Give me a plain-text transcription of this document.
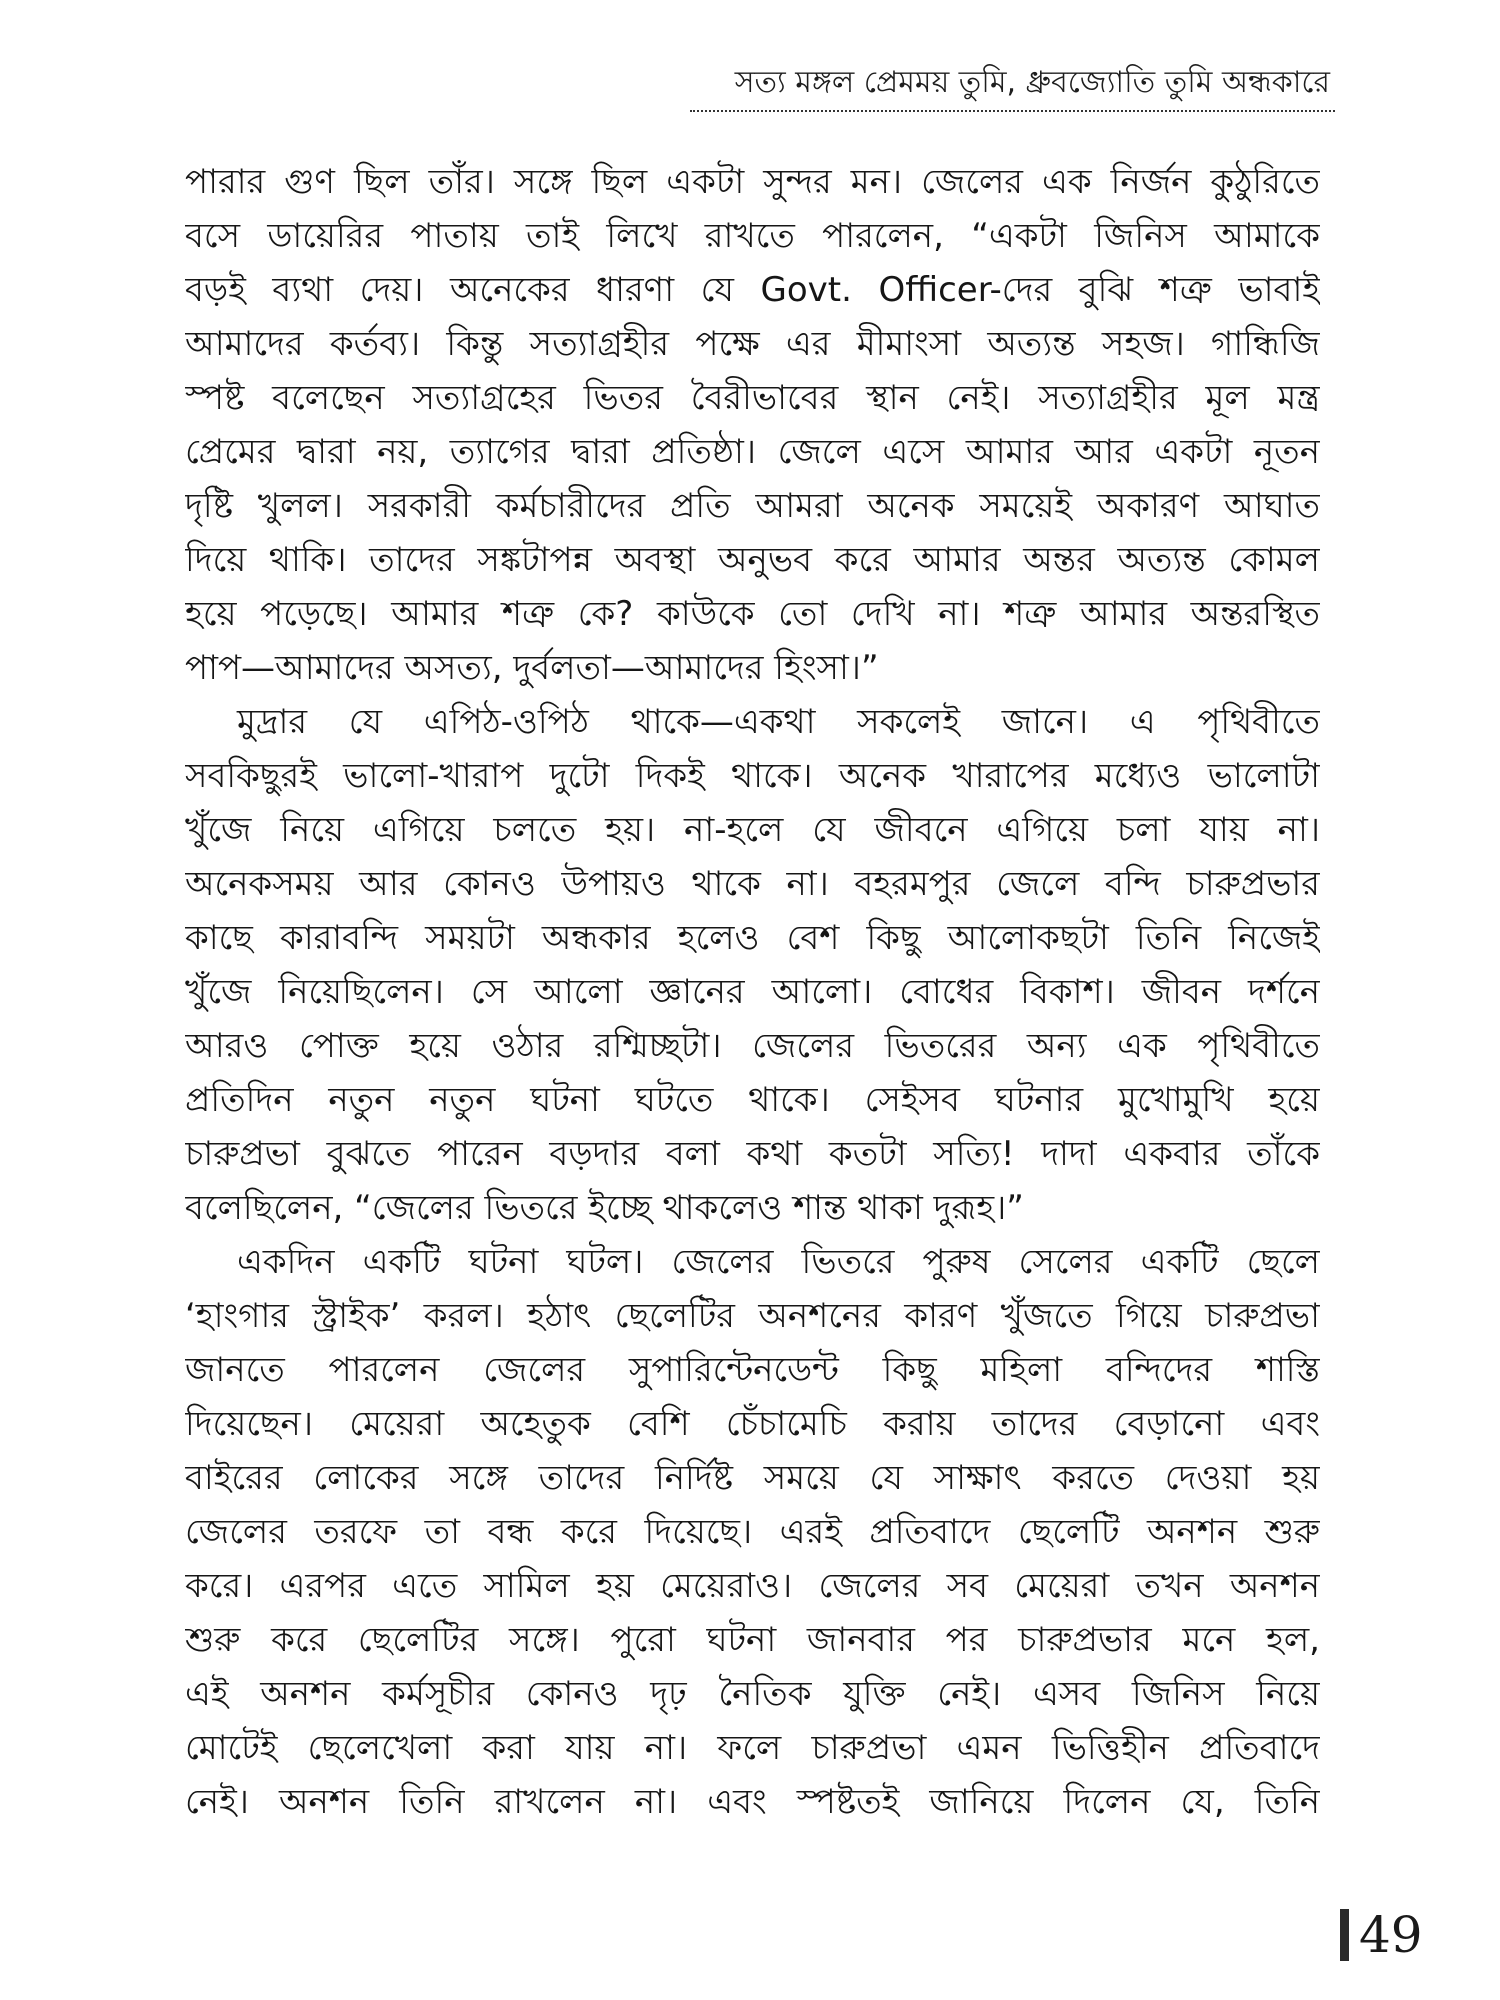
সত্য মঙ্গল প্রেমময় তুমি, ধ্রুবজ্যোতি তুমি অন্ধকারে
পারার গুণ ছিল তাঁর। সঙ্গে ছিল একটা সুন্দর মন। জেলের এক নির্জন কুঠুরিতে
বসে ডায়েরির পাতায় তাই লিখে রাখতে পারলেন, “একটা জিনিস আমাকে
বড়ই ব্যথা দেয়। অনেকের ধারণা যে Govt. Officer-দের বুঝি শত্রু ভাবাই
আমাদের কর্তব্য। কিন্তু সত্যাগ্রহীর পক্ষে এর মীমাংসা অত্যন্ত সহজ। গান্ধিজি
স্পষ্ট বলেছেন সত্যাগ্রহের ভিতর বৈরীভাবের স্থান নেই। সত্যাগ্রহীর মূল মন্ত্র
প্রেমের দ্বারা নয়, ত্যাগের দ্বারা প্রতিষ্ঠা। জেলে এসে আমার আর একটা নূতন
দৃষ্টি খুলল। সরকারী কর্মচারীদের প্রতি আমরা অনেক সময়েই অকারণ আঘাত
দিয়ে থাকি। তাদের সঙ্কটাপন্ন অবস্থা অনুভব করে আমার অন্তর অত্যন্ত কোমল
হয়ে পড়েছে। আমার শত্রু কে? কাউকে তো দেখি না। শত্রু আমার অন্তরস্থিত
পাপ—আমাদের অসত্য, দুর্বলতা—আমাদের হিংসা।”
মুদ্রার যে এপিঠ-ওপিঠ থাকে—একথা সকলেই জানে। এ পৃথিবীতে
সবকিছুরই ভালো-খারাপ দুটো দিকই থাকে। অনেক খারাপের মধ্যেও ভালোটা
খুঁজে নিয়ে এগিয়ে চলতে হয়। না-হলে যে জীবনে এগিয়ে চলা যায় না।
অনেকসময় আর কোনও উপায়ও থাকে না। বহরমপুর জেলে বন্দি চারুপ্রভার
কাছে কারাবন্দি সময়টা অন্ধকার হলেও বেশ কিছু আলোকছটা তিনি নিজেই
খুঁজে নিয়েছিলেন। সে আলো জ্ঞানের আলো। বোধের বিকাশ। জীবন দর্শনে
আরও পোক্ত হয়ে ওঠার রশ্মিচ্ছটা। জেলের ভিতরের অন্য এক পৃথিবীতে
প্রতিদিন নতুন নতুন ঘটনা ঘটতে থাকে। সেইসব ঘটনার মুখোমুখি হয়ে
চারুপ্রভা বুঝতে পারেন বড়দার বলা কথা কতটা সত্যি! দাদা একবার তাঁকে
বলেছিলেন, “জেলের ভিতরে ইচ্ছে থাকলেও শান্ত থাকা দুরূহ।”
একদিন একটি ঘটনা ঘটল। জেলের ভিতরে পুরুষ সেলের একটি ছেলে
‘হাংগার স্ট্রাইক’ করল। হঠাৎ ছেলেটির অনশনের কারণ খুঁজতে গিয়ে চারুপ্রভা
জানতে পারলেন জেলের সুপারিন্টেনডেন্ট কিছু মহিলা বন্দিদের শাস্তি
দিয়েছেন। মেয়েরা অহেতুক বেশি চেঁচামেচি করায় তাদের বেড়ানো এবং
বাইরের লোকের সঙ্গে তাদের নির্দিষ্ট সময়ে যে সাক্ষাৎ করতে দেওয়া হয়
জেলের তরফে তা বন্ধ করে দিয়েছে। এরই প্রতিবাদে ছেলেটি অনশন শুরু
করে। এরপর এতে সামিল হয় মেয়েরাও। জেলের সব মেয়েরা তখন অনশন
শুরু করে ছেলেটির সঙ্গে। পুরো ঘটনা জানবার পর চারুপ্রভার মনে হল,
এই অনশন কর্মসূচীর কোনও দৃঢ় নৈতিক যুক্তি নেই। এসব জিনিস নিয়ে
মোটেই ছেলেখেলা করা যায় না। ফলে চারুপ্রভা এমন ভিত্তিহীন প্রতিবাদে
নেই। অনশন তিনি রাখলেন না। এবং স্পষ্টতই জানিয়ে দিলেন যে, তিনি
49
